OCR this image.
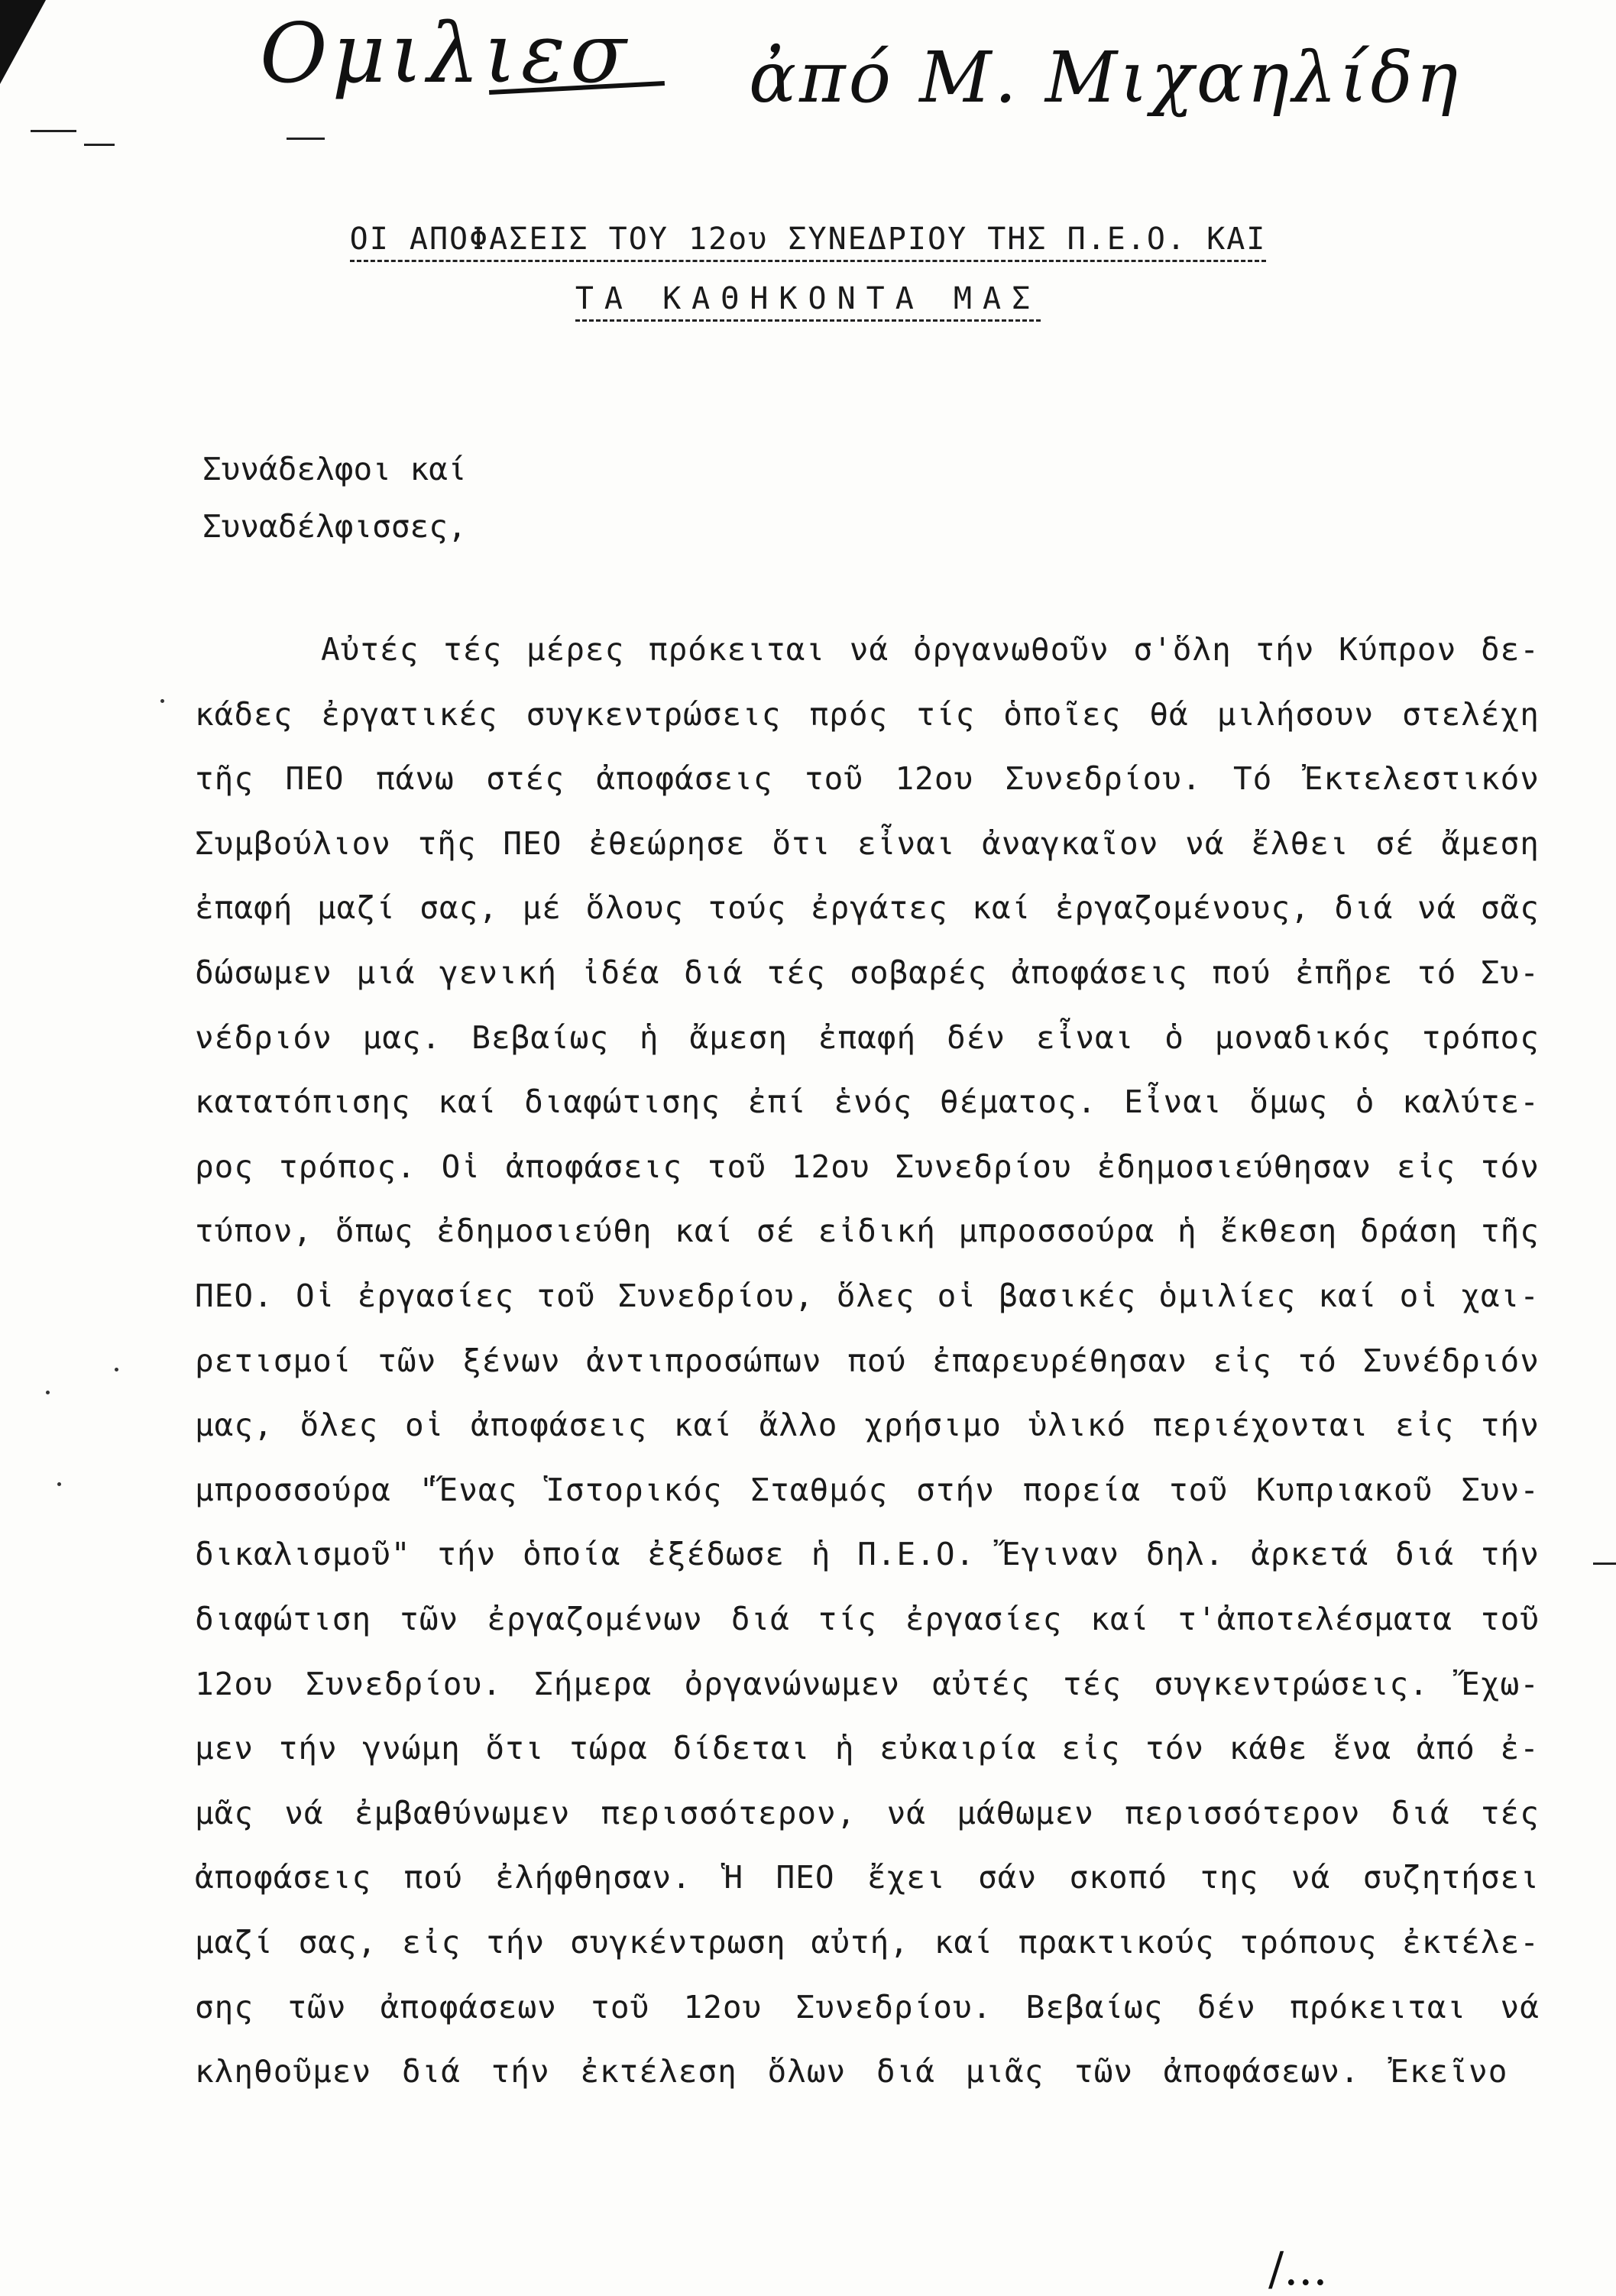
Ομιλιεσ ἀπό Μ. Μιχαηλίδη
ΟΙ ΑΠΟΦΑΣΕΙΣ ΤΟΥ 12ου ΣΥΝΕΔΡΙΟΥ ΤΗΣ Π.Ε.Ο. ΚΑΙ
ΤΑ ΚΑΘΗΚΟΝΤΑ ΜΑΣ
Συνάδελφοι καί
Συναδέλφισσες,
Αὐτές τές μέρες πρόκειται νά ὀργανωθοῦν σ'ὅλη τήν Κύπρον δε-
κάδες ἐργατικές συγκεντρώσεις πρός τίς ὁποῖες θά μιλήσουν στελέχη
τῆς ΠΕΟ πάνω στές ἀποφάσεις τοῦ 12ου Συνεδρίου. Τό Ἐκτελεστικόν
Συμβούλιον τῆς ΠΕΟ ἐθεώρησε ὅτι εἶναι ἀναγκαῖον νά ἔλθει σέ ἄμεση
ἐπαφή μαζί σας, μέ ὅλους τούς ἐργάτες καί ἐργαζομένους, διά νά σᾶς
δώσωμεν μιά γενική ἰδέα διά τές σοβαρές ἀποφάσεις πού ἐπῆρε τό Συ-
νέδριόν μας. Βεβαίως ἡ ἄμεση ἐπαφή δέν εἶναι ὁ μοναδικός τρόπος
κατατόπισης καί διαφώτισης ἐπί ἑνός θέματος. Εἶναι ὅμως ὁ καλύτε-
ρος τρόπος. Οἱ ἀποφάσεις τοῦ 12ου Συνεδρίου ἐδημοσιεύθησαν εἰς τόν
τύπον, ὅπως ἐδημοσιεύθη καί σέ εἰδική μπροσσούρα ἡ ἔκθεση δράση τῆς
ΠΕΟ. Οἱ ἐργασίες τοῦ Συνεδρίου, ὅλες οἱ βασικές ὁμιλίες καί οἱ χαι-
ρετισμοί τῶν ξένων ἀντιπροσώπων πού ἐπαρευρέθησαν εἰς τό Συνέδριόν
μας, ὅλες οἱ ἀποφάσεις καί ἄλλο χρήσιμο ὑλικό περιέχονται εἰς τήν
μπροσσούρα "Ἕνας Ἱστορικός Σταθμός στήν πορεία τοῦ Κυπριακοῦ Συν-
δικαλισμοῦ" τήν ὁποία ἐξέδωσε ἡ Π.Ε.Ο. Ἔγιναν δηλ. ἀρκετά διά τήν
διαφώτιση τῶν ἐργαζομένων διά τίς ἐργασίες καί τ'ἀποτελέσματα τοῦ
12ου Συνεδρίου. Σήμερα ὀργανώνωμεν αὐτές τές συγκεντρώσεις. Ἔχω-
μεν τήν γνώμη ὅτι τώρα δίδεται ἡ εὐκαιρία εἰς τόν κάθε ἕνα ἀπό ἐ-
μᾶς νά ἐμβαθύνωμεν περισσότερον, νά μάθωμεν περισσότερον διά τές
ἀποφάσεις πού ἐλήφθησαν. Ἡ ΠΕΟ ἔχει σάν σκοπό της νά συζητήσει
μαζί σας, εἰς τήν συγκέντρωση αὐτή, καί πρακτικούς τρόπους ἐκτέλε-
σης τῶν ἀποφάσεων τοῦ 12ου Συνεδρίου. Βεβαίως δέν πρόκειται νά
κληθοῦμεν διά τήν ἐκτέλεση ὅλων διά μιᾶς τῶν ἀποφάσεων. Ἐκεῖνο
/...
